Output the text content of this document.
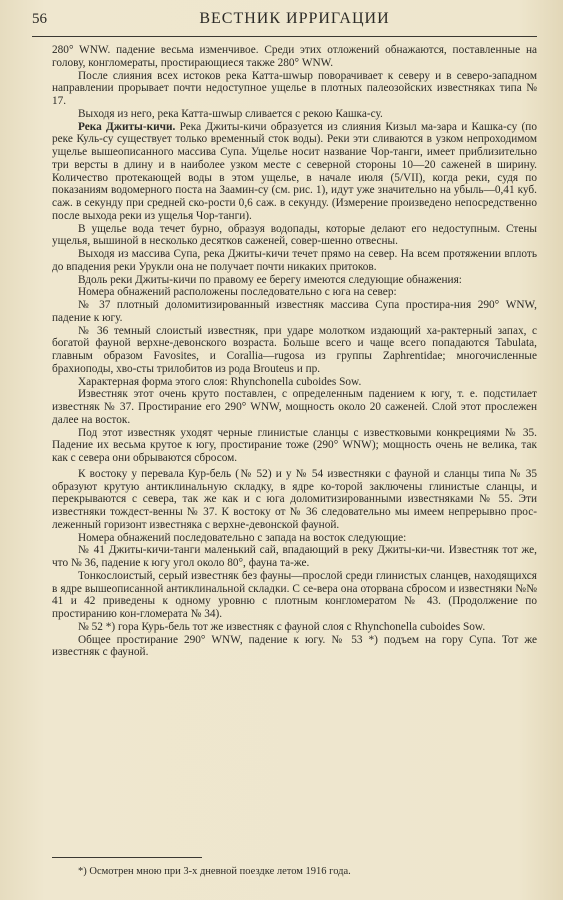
56	ВЕСТНИК ИРРИГАЦИИ

280° WNW. падение весьма изменчивое. Среди этих отложений обнажаются, поставленные на голову, конгломераты, простирающиеся также 280° WNW.

После слияния всех истоков река Катта-шwыр поворачивает к северу и в северо-западном направлении прорывает почти недоступное ущелье в плотных палеозойских известняках типа № 17.

Выходя из него, река Катта-шwыр сливается с рекою Кашка-су.

Река Джиты-кичи. Река Джиты-кичи образуется из слияния Кизыл ма-зара и Кашка-су (по реке Куль-су существует только временный сток воды). Реки эти сливаются в узком непроходимом ущелье вышеописанного массива Супа. Ущелье носит название Чор-танги, имеет приблизительно три версты в длину и в наиболее узком месте с северной стороны 10—20 саженей в ширину. Количество протекающей воды в этом ущелье, в начале июля (5/VII), когда реки, судя по показаниям водомерного поста на Заамин-су (см. рис. 1), идут уже значительно на убыль—0,41 куб. саж. в секунду при средней ско-рости 0,6 саж. в секунду. (Измерение произведено непосредственно после выхода реки из ущелья Чор-танги).

В ущелье вода течет бурно, образуя водопады, которые делают его недоступным. Стены ущелья, вышиной в несколько десятков саженей, совер-шенно отвесны.

Выходя из массива Супа, река Джиты-кичи течет прямо на север. На всем протяжении вплоть до впадения реки Урукли она не получает почти никаких притоков.

Вдоль реки Джиты-кичи по правому ее берегу имеются следующие обнажения:

Номера обнажений расположены последовательно с юга на север:

№ 37 плотный доломитизированный известняк массива Супа простира-ния 290° WNW, падение к югу.

№ 36 темный слоистый известняк, при ударе молотком издающий ха-рактерный запах, с богатой фауной верхне-девонского возраста. Больше всего и чаще всего попадаются Tabulata, главным образом Favosites, и Corallia—rugosa из группы Zaphrentidae; многочисленные брахиоподы, хво-сты трилобитов из рода Brouteus и пр.

Характерная форма этого слоя: Rhynchonella cuboides Sow.

Известняк этот очень круто поставлен, с определенным падением к югу, т. е. подстилает известняк № 37. Простирание его 290° WNW, мощность около 20 саженей. Слой этот прослежен далее на восток.

Под этот известняк уходят черные глинистые сланцы с известковыми конкрециями № 35. Падение их весьма крутое к югу, простирание тоже (290° WNW); мощность очень не велика, так как с севера они обрываются сбросом.

К востоку у перевала Кур-бель (№ 52) и у № 54 известняки с фауной и сланцы типа № 35 образуют крутую антиклинальную складку, в ядре ко-торой заключены глинистые сланцы, и перекрываются с севера, так же как и с юга доломитизированными известняками № 55. Эти известняки тождест-венны № 37. К востоку от № 36 следовательно мы имеем непрерывно прос-леженный горизонт известняка с верхне-девонской фауной.

Номера обнажений последовательно с запада на восток следующие:

№ 41 Джиты-кичи-танги маленький сай, впадающий в реку Джиты-ки-чи. Известняк тот же, что № 36, падение к югу угол около 80°, фауна та-же.

Тонкослоистый, серый известняк без фауны—прослой среди глинистых сланцев, находящихся в ядре вышеописанной антиклинальной складки. С се-вера она оторвана сбросом и известняки №№ 41 и 42 приведены к одному уровню с плотным конгломератом № 43. (Продолжение по простиранию кон-гломерата № 34).

№ 52 *) гора Курь-бель тот же известняк с фауной слоя с Rhynchonella cuboides Sow.

Общее простирание 290° WNW, падение к югу. № 53 *) подъем на гору Супа. Тот же известняк с фауной.

*) Осмотрен мною при 3-х дневной поездке летом 1916 года.
